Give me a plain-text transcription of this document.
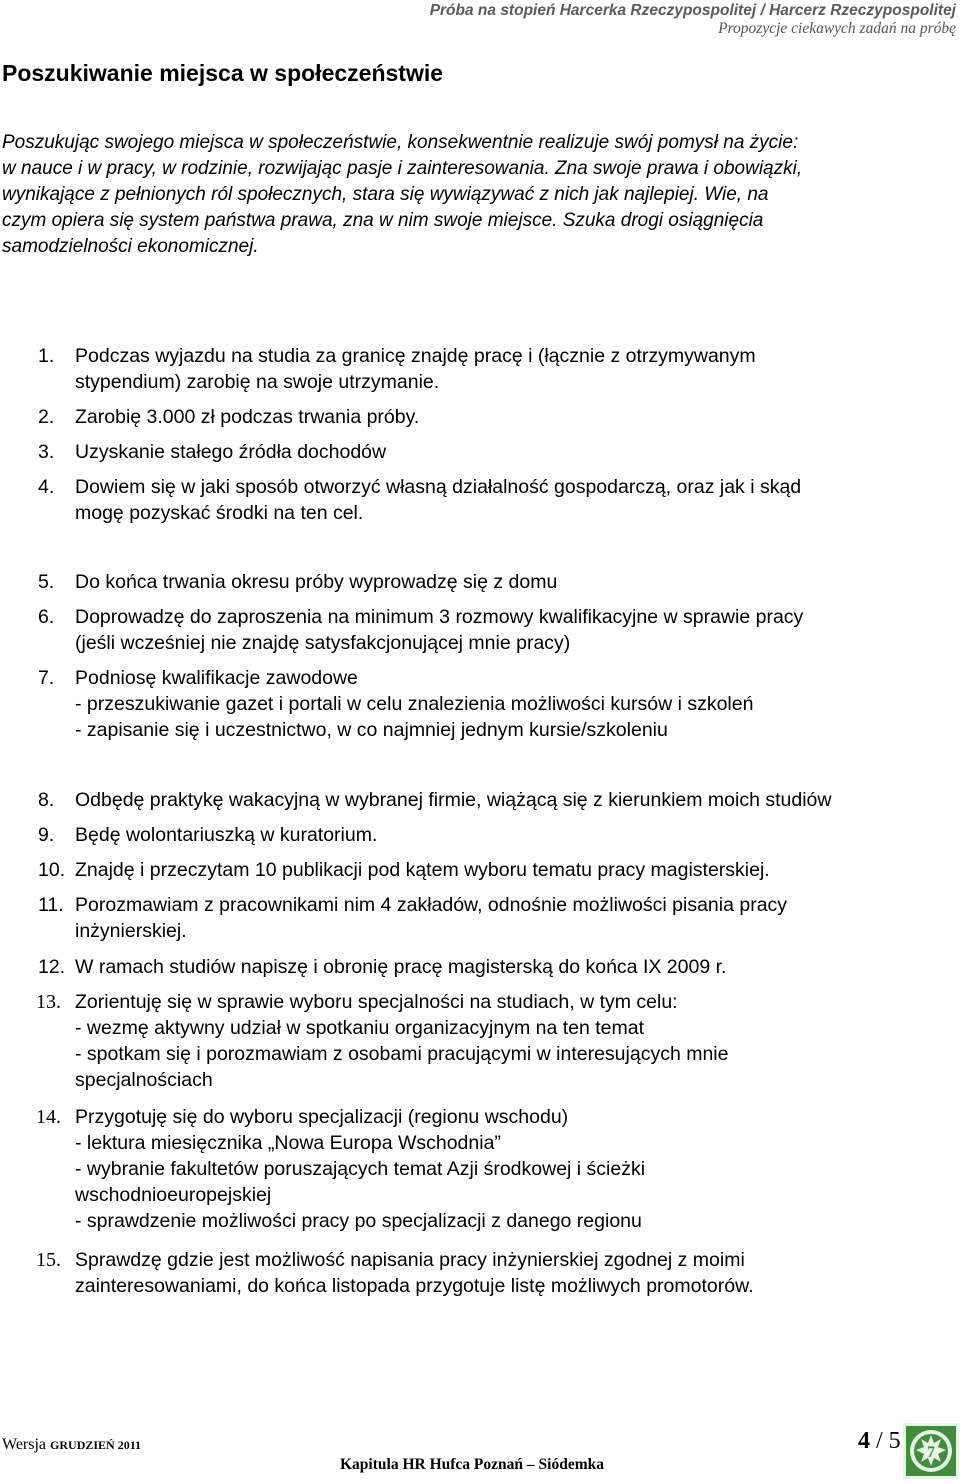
Próba na stopień Harcerka Rzeczypospolitej / Harcerz Rzeczypospolitej
Propozycje ciekawych zadań na próbę
Poszukiwanie miejsca w społeczeństwie
Poszukując swojego miejsca w społeczeństwie, konsekwentnie realizuje swój pomysł na życie:
w nauce i w pracy, w rodzinie, rozwijając pasje i zainteresowania. Zna swoje prawa i obowiązki,
wynikające z pełnionych ról społecznych, stara się wywiązywać z nich jak najlepiej. Wie, na
czym opiera się system państwa prawa, zna w nim swoje miejsce. Szuka drogi osiągnięcia
samodzielności ekonomicznej.
1.	Podczas wyjazdu na studia za granicę znajdę pracę i (łącznie z otrzymywanym
stypendium) zarobię na swoje utrzymanie.
2.	Zarobię 3.000 zł podczas trwania próby.
3.	Uzyskanie stałego źródła dochodów
4.	Dowiem się w jaki sposób otworzyć własną działalność gospodarczą, oraz jak i skąd
mogę pozyskać środki na ten cel.
5.	Do końca trwania okresu próby wyprowadzę się z domu
6.	Doprowadzę do zaproszenia na minimum 3 rozmowy kwalifikacyjne w sprawie pracy
(jeśli wcześniej nie znajdę satysfakcjonującej mnie pracy)
7.	Podniosę kwalifikacje zawodowe
- przeszukiwanie gazet i portali w celu znalezienia możliwości kursów i szkoleń
- zapisanie się i uczestnictwo, w co najmniej jednym kursie/szkoleniu
8.	Odbędę praktykę wakacyjną w wybranej firmie, wiążącą się z kierunkiem moich studiów
9.	Będę wolontariuszką w kuratorium.
10. Znajdę i przeczytam 10 publikacji pod kątem wyboru tematu pracy magisterskiej.
11. Porozmawiam z pracownikami nim 4 zakładów, odnośnie możliwości pisania pracy
inżynierskiej.
12. W ramach studiów napiszę i obronię pracę magisterską do końca IX 2009 r.
13. Zorientuję się w sprawie wyboru specjalności na studiach, w tym celu:
- wezmę aktywny udział w spotkaniu organizacyjnym na ten temat
- spotkam się i porozmawiam z osobami pracującymi w interesujących mnie
specjalnościach
14. Przygotuję się do wyboru specjalizacji (regionu wschodu)
- lektura miesięcznika „Nowa Europa Wschodnia”
- wybranie fakultetów poruszających temat Azji środkowej i ścieżki
wschodnioeuropejskiej
- sprawdzenie możliwości pracy po specjalizacji z danego regionu
15. Sprawdzę gdzie jest możliwość napisania pracy inżynierskiej zgodnej z moimi
zainteresowaniami, do końca listopada przygotuje listę możliwych promotorów.
Wersja GRUDZIEŃ 2011
Kapitula HR Hufca Poznań – Siódemka
4 / 5 7
